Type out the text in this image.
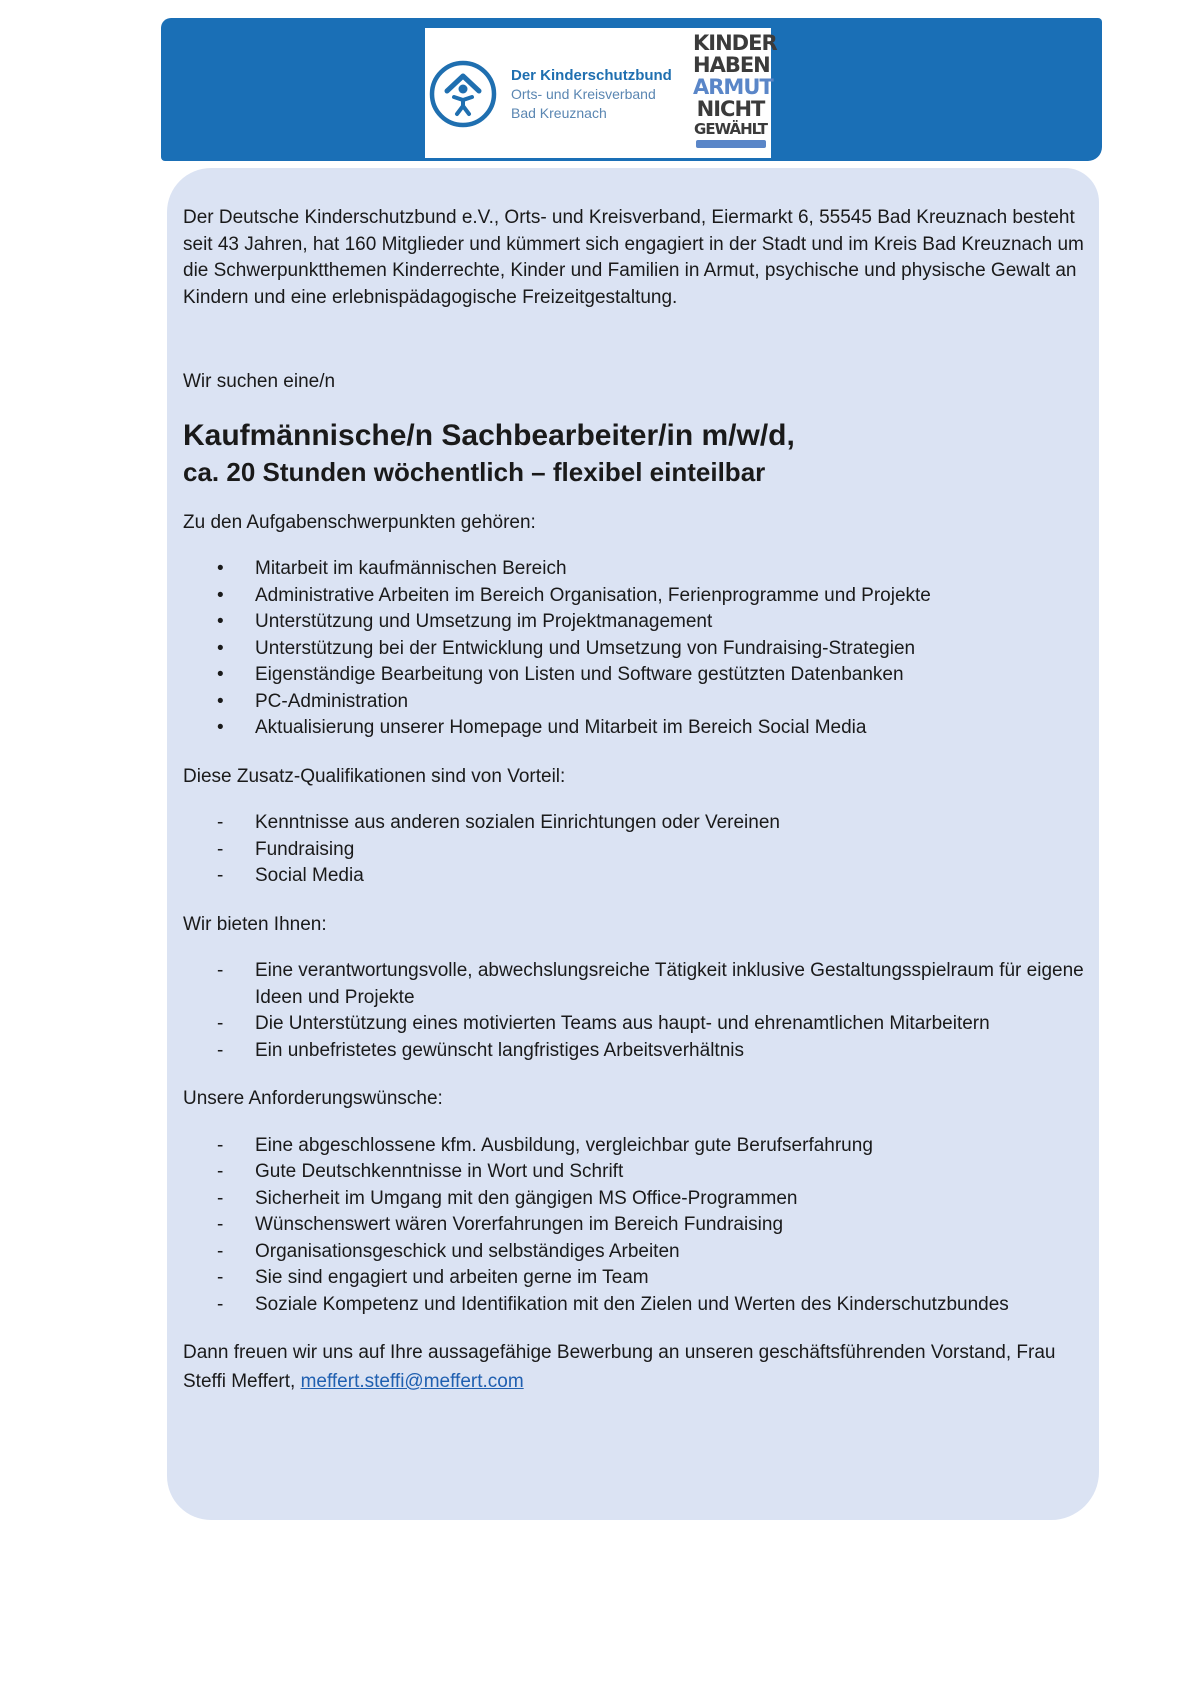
Der Kinderschutzbund
Orts- und Kreisverband
Bad Kreuznach
KINDER
HABEN
ARMUT
NICHT
GEWÄHLT

Der Deutsche Kinderschutzbund e.V., Orts- und Kreisverband, Eiermarkt 6, 55545 Bad Kreuznach besteht seit 43 Jahren, hat 160 Mitglieder und kümmert sich engagiert in der Stadt und im Kreis Bad Kreuznach um die Schwerpunktthemen Kinderrechte, Kinder und Familien in Armut, psychische und physische Gewalt an Kindern und eine erlebnispädagogische Freizeitgestaltung.

Wir suchen eine/n

Kaufmännische/n Sachbearbeiter/in m/w/d,
ca. 20 Stunden wöchentlich – flexibel einteilbar

Zu den Aufgabenschwerpunkten gehören:

• Mitarbeit im kaufmännischen Bereich
• Administrative Arbeiten im Bereich Organisation, Ferienprogramme und Projekte
• Unterstützung und Umsetzung im Projektmanagement
• Unterstützung bei der Entwicklung und Umsetzung von Fundraising-Strategien
• Eigenständige Bearbeitung von Listen und Software gestützten Datenbanken
• PC-Administration
• Aktualisierung unserer Homepage und Mitarbeit im Bereich Social Media

Diese Zusatz-Qualifikationen sind von Vorteil:

- Kenntnisse aus anderen sozialen Einrichtungen oder Vereinen
- Fundraising
- Social Media

Wir bieten Ihnen:

- Eine verantwortungsvolle, abwechslungsreiche Tätigkeit inklusive Gestaltungsspielraum für eigene Ideen und Projekte
- Die Unterstützung eines motivierten Teams aus haupt- und ehrenamtlichen Mitarbeitern
- Ein unbefristetes gewünscht langfristiges Arbeitsverhältnis

Unsere Anforderungswünsche:

- Eine abgeschlossene kfm. Ausbildung, vergleichbar gute Berufserfahrung
- Gute Deutschkenntnisse in Wort und Schrift
- Sicherheit im Umgang mit den gängigen MS Office-Programmen
- Wünschenswert wären Vorerfahrungen im Bereich Fundraising
- Organisationsgeschick und selbständiges Arbeiten
- Sie sind engagiert und arbeiten gerne im Team
- Soziale Kompetenz und Identifikation mit den Zielen und Werten des Kinderschutzbundes

Dann freuen wir uns auf Ihre aussagefähige Bewerbung an unseren geschäftsführenden Vorstand, Frau Steffi Meffert, meffert.steffi@meffert.com
